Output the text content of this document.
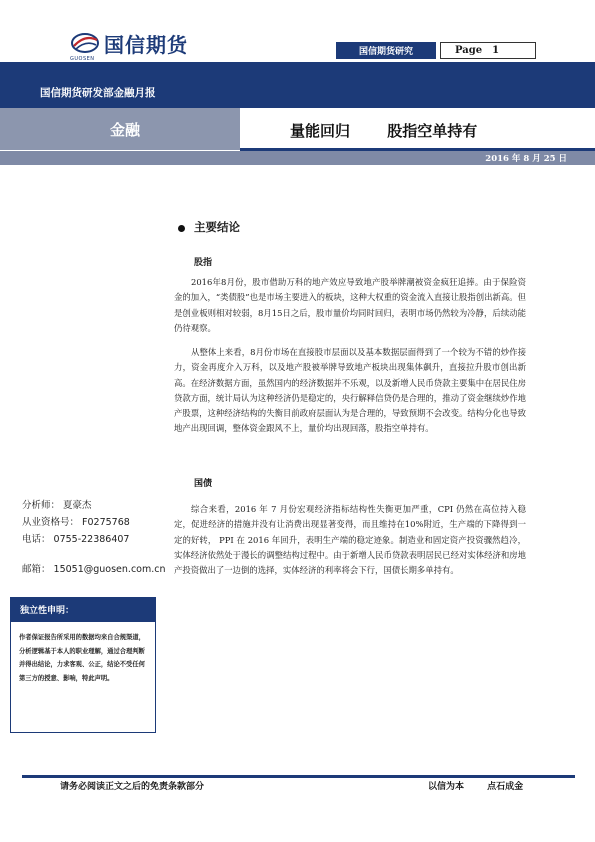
国信期货
GUOSEN
国信期货研究	Page 1
国信期货研发部金融月报
金融	量能回归 股指空单持有
2016 年 8 月 25 日
主要结论
股指

2016年8月份，股市借助万科的地产效应导致地产股举牌潮被资金疯狂追捧。由于保险资金的加入，“类债股”也是市场主要进入的板块，这种大权重的资金流入直接让股指创出新高。但是创业板则相对较弱，8月15日之后，股市量价均同时回归，表明市场仍然较为冷静，后续动能仍待观察。

从整体上来看，8月份市场在直接股市层面以及基本数据层面得到了一个较为不错的炒作接力，资金再度介入万科，以及地产股被举牌导致地产板块出现集体飙升，直接拉升股市创出新高。在经济数据方面，虽然国内的经济数据并不乐观，以及新增人民币贷款主要集中在居民住房贷款方面，统计局认为这种经济仍是稳定的，央行解释信贷仍是合理的，推动了资金继续炒作地产股票，这种经济结构的失衡目前政府层面认为是合理的，导致预期不会改变。结构分化也导致地产出现回调，整体资金跟风不上，量价均出现回落，股指空单持有。

国债

综合来看，2016 年 7 月份宏观经济指标结构性失衡更加严重，CPI 仍然在高位持入稳定，促进经济的措施并没有让消费出现显著变得，而且维持在10%附近，生产端的下降得到一定的好转， PPI 在 2016 年回升，表明生产端的稳定迹象。制造业和固定资产投资骤然趋冷，实体经济依然处于漫长的调整结构过程中。由于新增人民币贷款表明居民已经对实体经济和房地产投资做出了一边倒的选择，实体经济的利率将会下行，国债长期多单持有。

分析师： 夏豪杰
从业资格号： F0275768
电话： 0755-22386407
邮箱： 15051@guosen.com.cn
独立性申明：
作者保证报告所采用的数据均来自合规渠道，分析逻辑基于本人的职业理解，通过合理判断 并得出结论，力求客观、公正，结论不受任何第三方的授意、影响，特此声明。
请务必阅读正文之后的免责条款部分	以信为本	点石成金
